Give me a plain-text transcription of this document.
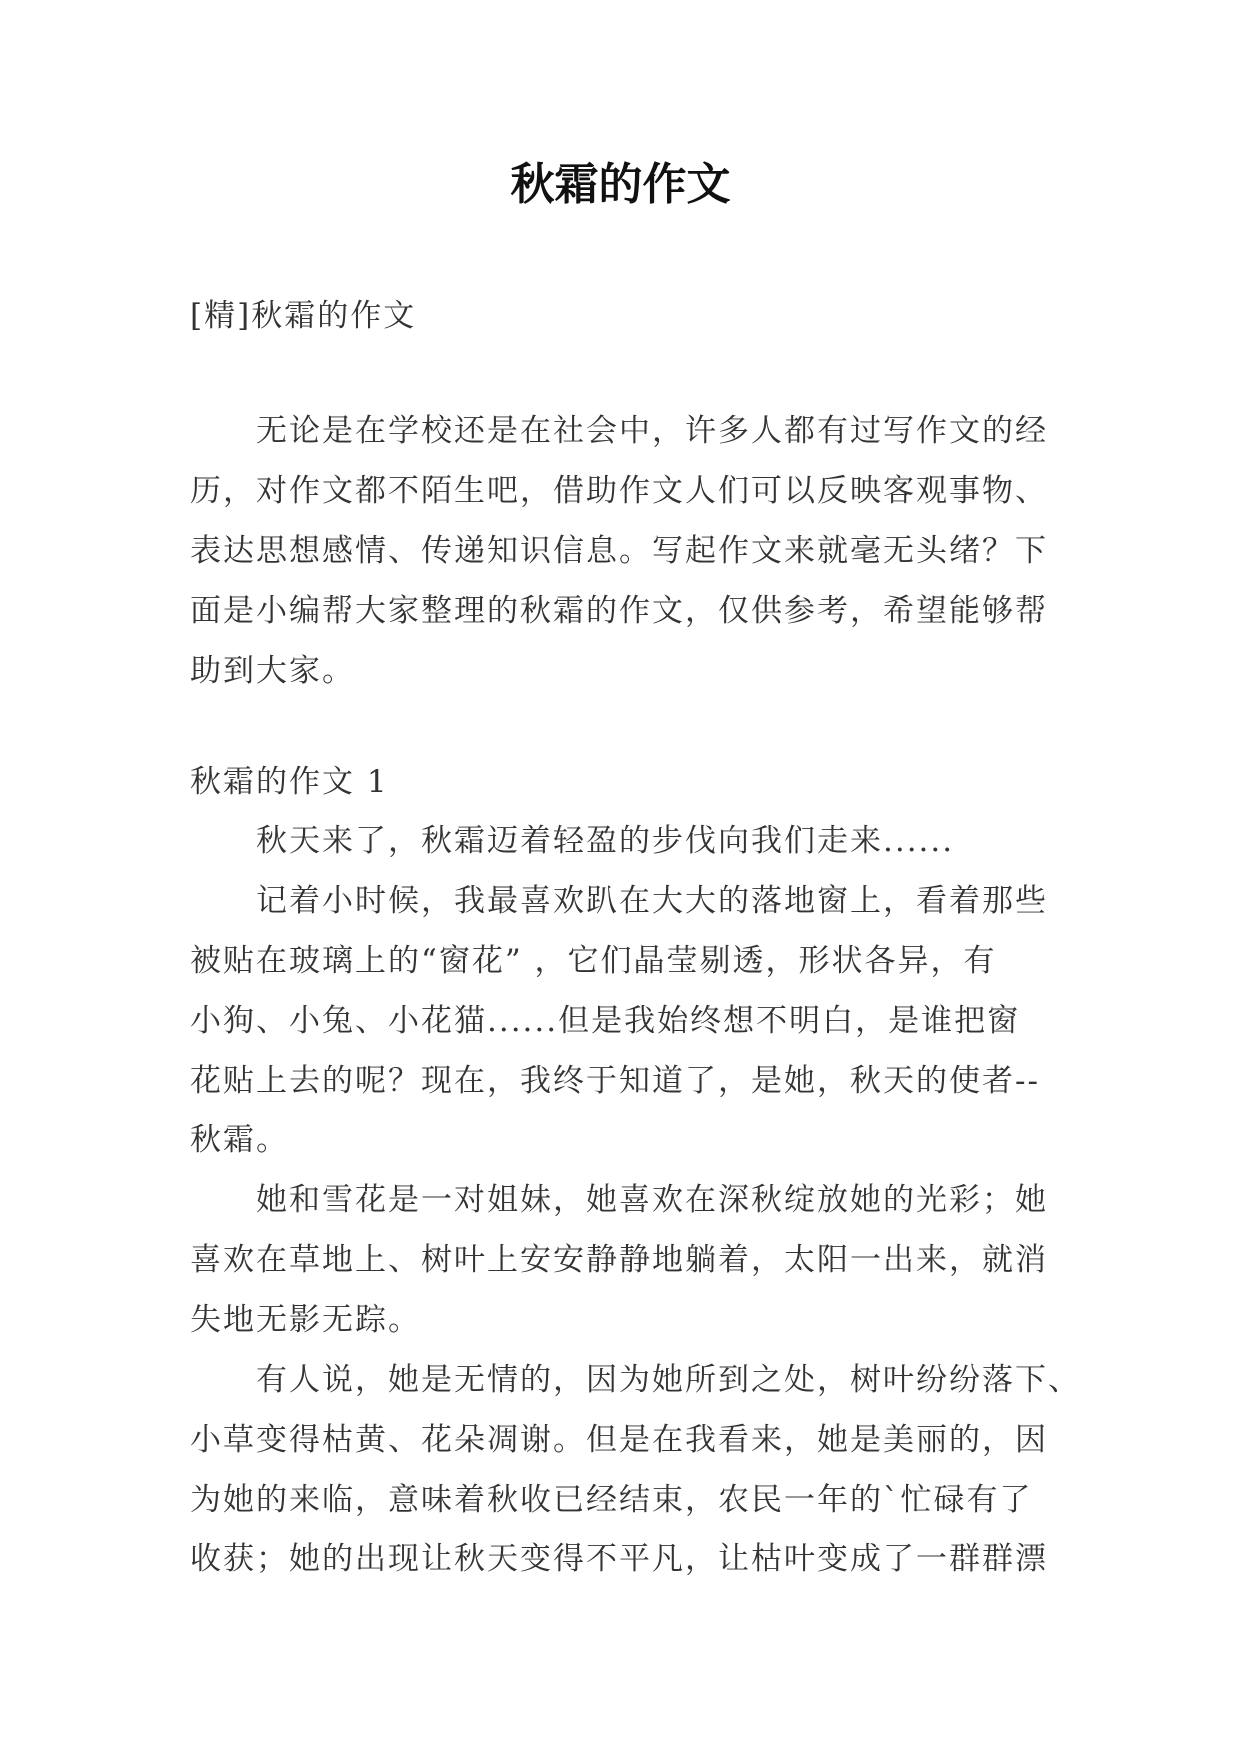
秋霜的作文
[精]秋霜的作文
无论是在学校还是在社会中，许多人都有过写作文的经
历，对作文都不陌生吧，借助作文人们可以反映客观事物、
表达思想感情、传递知识信息。写起作文来就毫无头绪？下
面是小编帮大家整理的秋霜的作文，仅供参考，希望能够帮
助到大家。
秋霜的作文 1
秋天来了，秋霜迈着轻盈的步伐向我们走来......
记着小时候，我最喜欢趴在大大的落地窗上，看着那些
被贴在玻璃上的“窗花” ，它们晶莹剔透，形状各异，有
小狗、小兔、小花猫......但是我始终想不明白，是谁把窗
花贴上去的呢？现在，我终于知道了，是她，秋天的使者--
秋霜。
她和雪花是一对姐妹，她喜欢在深秋绽放她的光彩；她
喜欢在草地上、树叶上安安静静地躺着，太阳一出来，就消
失地无影无踪。
有人说，她是无情的，因为她所到之处，树叶纷纷落下、
小草变得枯黄、花朵凋谢。但是在我看来，她是美丽的，因
为她的来临，意味着秋收已经结束，农民一年的`忙碌有了
收获；她的出现让秋天变得不平凡，让枯叶变成了一群群漂
